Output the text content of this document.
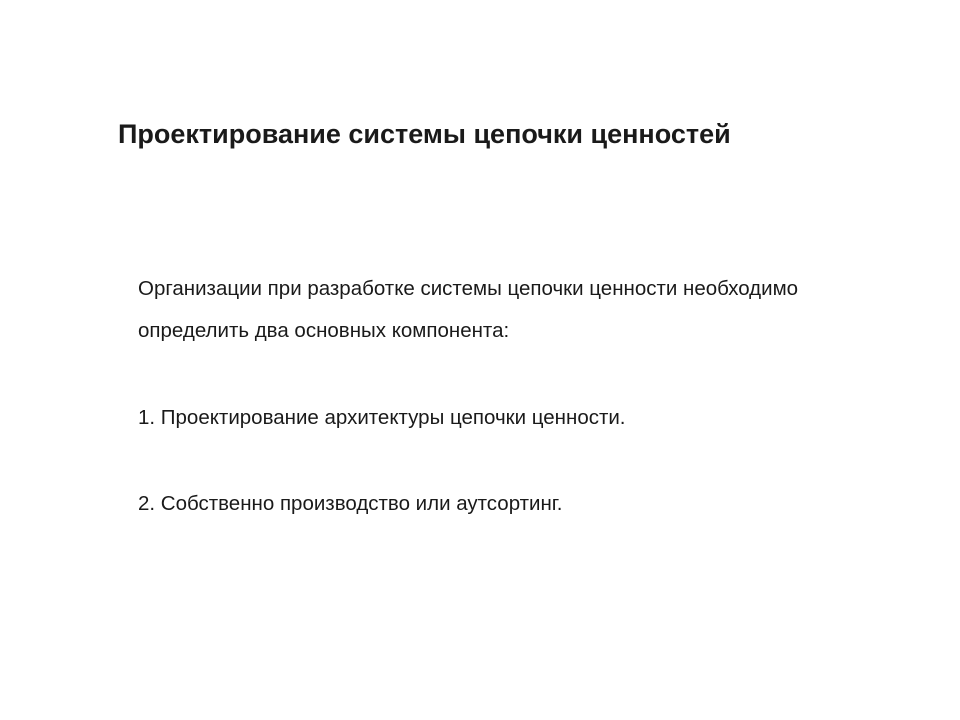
Проектирование системы цепочки ценностей

Организации при разработке системы цепочки ценности необходимо

определить два основных компонента:

1. Проектирование архитектуры цепочки ценности.

2. Собственно производство или аутсортинг.
